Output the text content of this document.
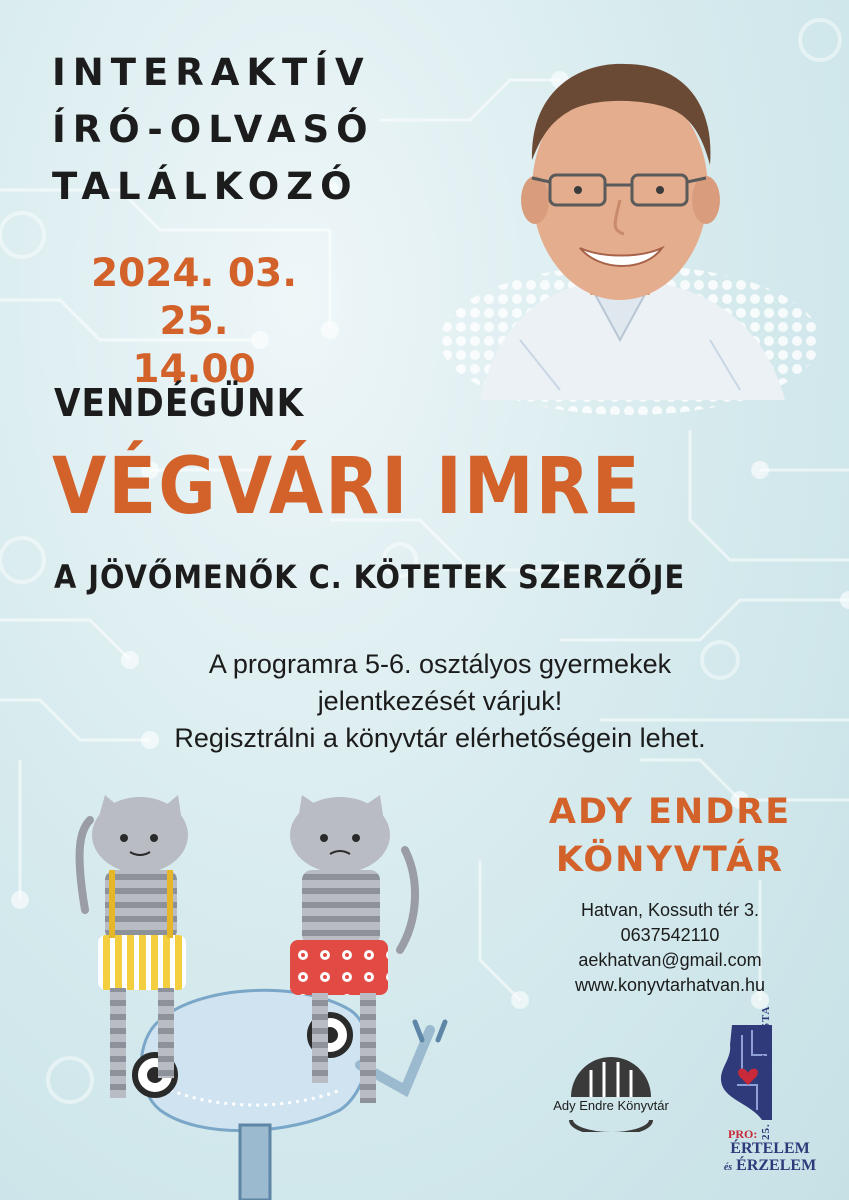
INTERAKTÍV
ÍRÓ-OLVASÓ
TALÁLKOZÓ
2024. 03. 25.
14.00
VENDÉGÜNK
VÉGVÁRI IMRE
A JÖVŐMENŐK C. KÖTETEK SZERZŐJE
A programra 5-6. osztályos gyermekek
jelentkezését várjuk!
Regisztrálni a könyvtár elérhetőségein lehet.
ADY ENDRE
KÖNYVTÁR
Hatvan, Kossuth tér 3.
0637542110
aekhatvan@gmail.com
www.konyvtarhatvan.hu
Ady Endre Könyvtár	25. INTERNET FIESTA
PRO:
ÉRTELEM
és ÉRZELEM
